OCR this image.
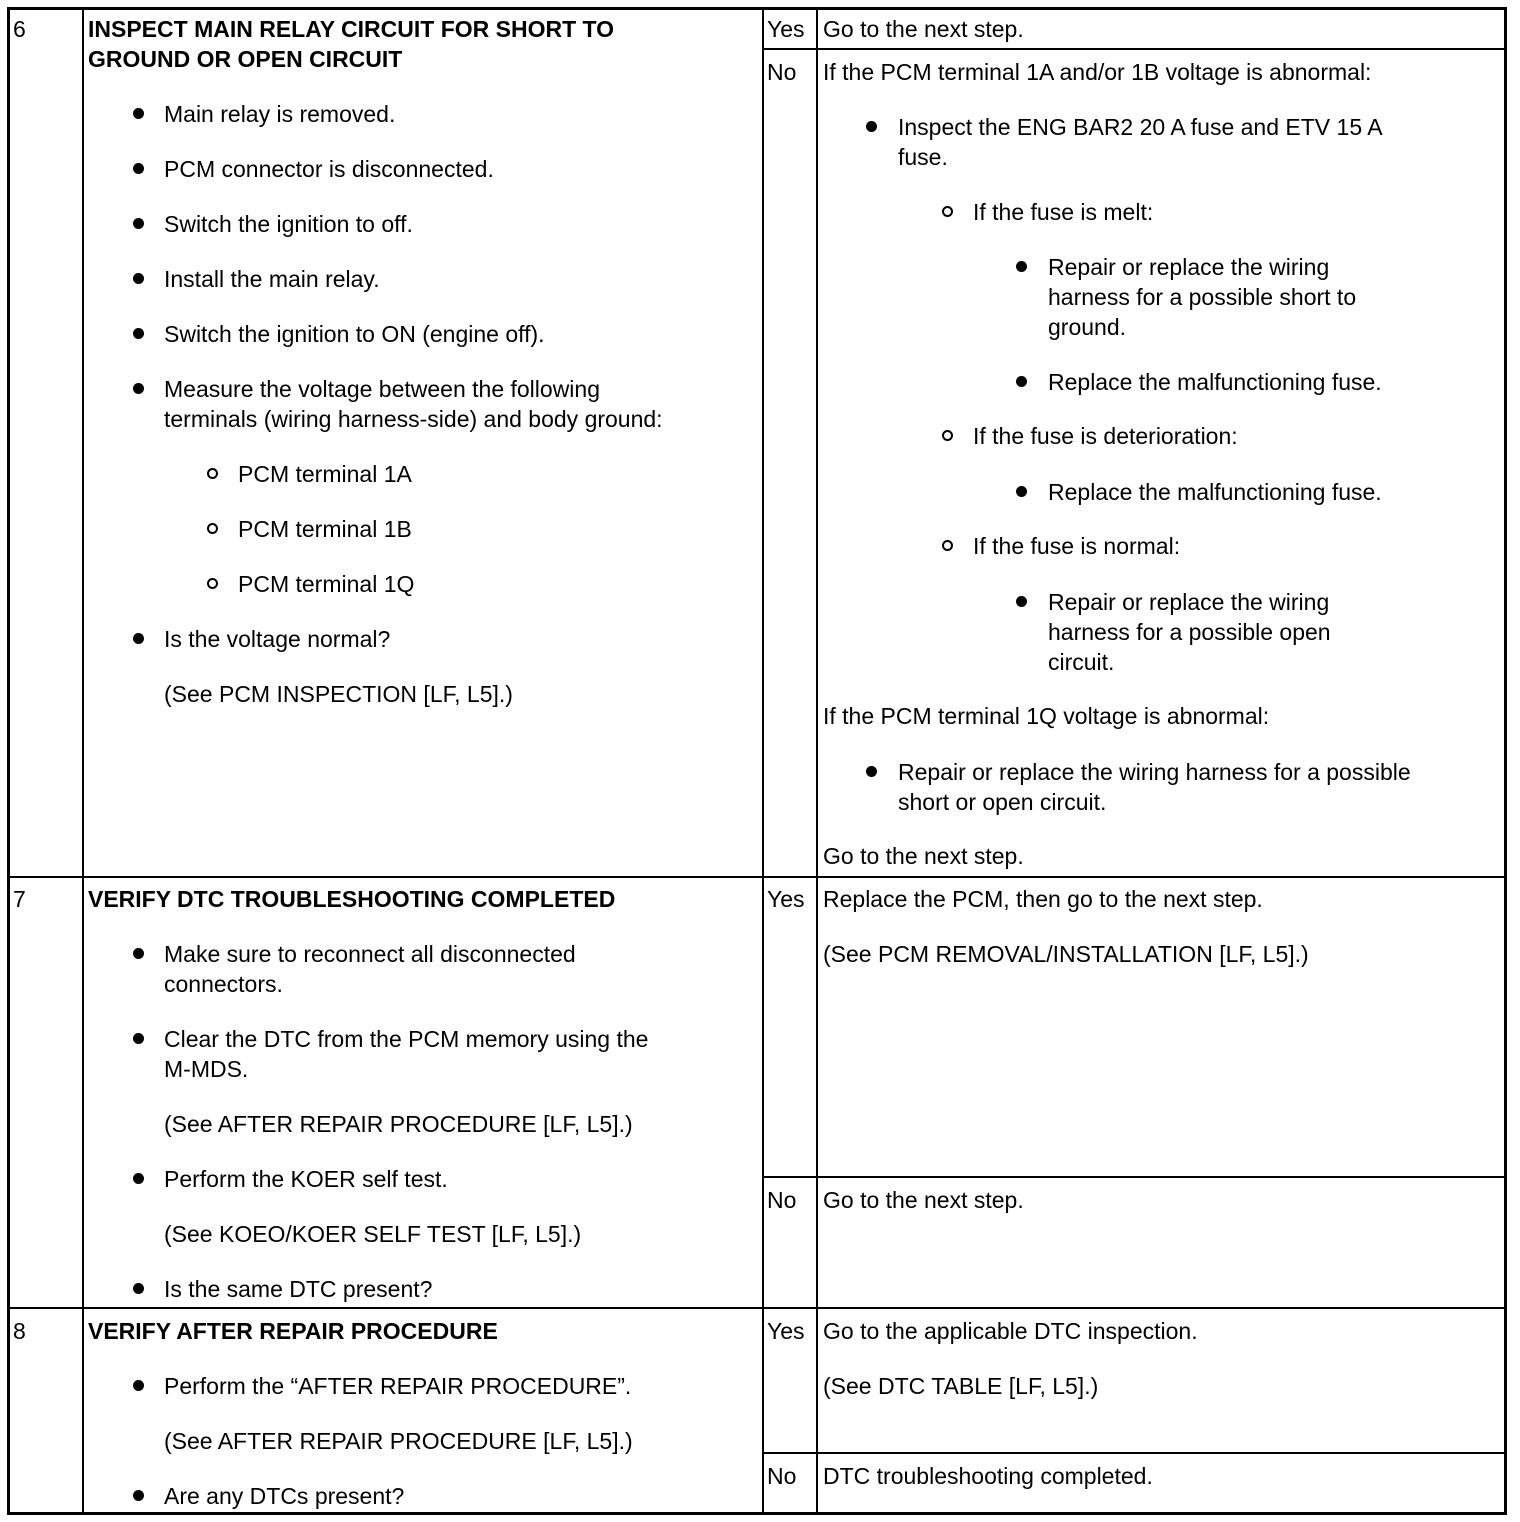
6	INSPECT MAIN RELAY CIRCUIT FOR SHORT TO
GROUND OR OPEN CIRCUIT
Main relay is removed.
PCM connector is disconnected.
Switch the ignition to off.
Install the main relay.
Switch the ignition to ON (engine off).
Measure the voltage between the following
terminals (wiring harness-side) and body ground:
PCM terminal 1A
PCM terminal 1B
PCM terminal 1Q
Is the voltage normal?
(See PCM INSPECTION [LF, L5].)
Yes Go to the next step.
No If the PCM terminal 1A and/or 1B voltage is abnormal:
Inspect the ENG BAR2 20 A fuse and ETV 15 A
fuse.
If the fuse is melt:
Repair or replace the wiring
harness for a possible short to
ground.
Replace the malfunctioning fuse.
If the fuse is deterioration:
Replace the malfunctioning fuse.
If the fuse is normal:
Repair or replace the wiring
harness for a possible open
circuit.
If the PCM terminal 1Q voltage is abnormal:
Repair or replace the wiring harness for a possible
short or open circuit.
Go to the next step.
7	VERIFY DTC TROUBLESHOOTING COMPLETED
Make sure to reconnect all disconnected
connectors.
Clear the DTC from the PCM memory using the
M-MDS.
(See AFTER REPAIR PROCEDURE [LF, L5].)
Perform the KOER self test.
(See KOEO/KOER SELF TEST [LF, L5].)
Is the same DTC present?
Yes Replace the PCM, then go to the next step.
(See PCM REMOVAL/INSTALLATION [LF, L5].)
No Go to the next step.
8	VERIFY AFTER REPAIR PROCEDURE
Perform the “AFTER REPAIR PROCEDURE”.
(See AFTER REPAIR PROCEDURE [LF, L5].)
Are any DTCs present?
Yes Go to the applicable DTC inspection.
(See DTC TABLE [LF, L5].)
No DTC troubleshooting completed.
